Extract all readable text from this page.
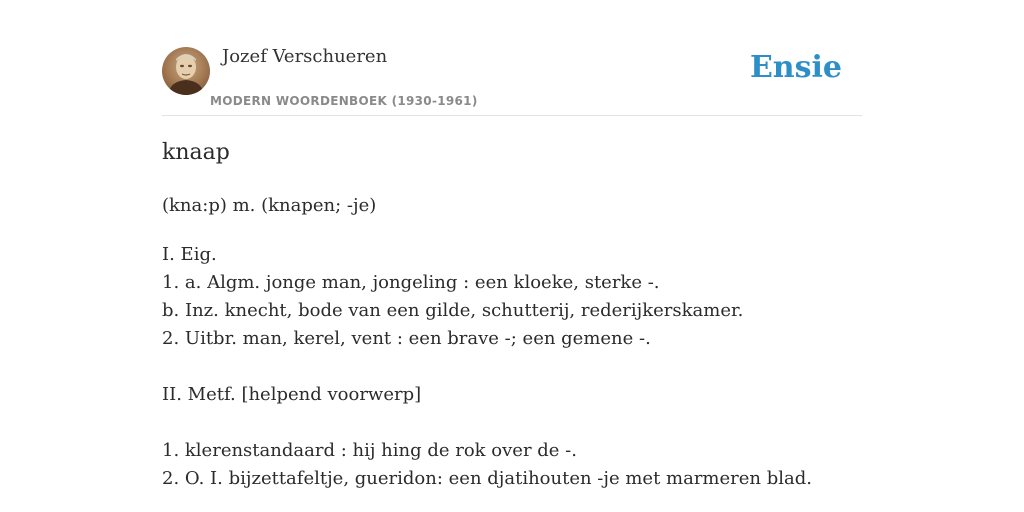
Jozef Verschueren
MODERN WOORDENBOEK (1930-1961)
Ensie
knaap
(kna:p) m. (knapen; -je)
I. Eig.
1. a. Algm. jonge man, jongeling : een kloeke, sterke -.
b. Inz. knecht, bode van een gilde, schutterij, rederijkerskamer.
2. Uitbr. man, kerel, vent : een brave -; een gemene -.
II. Metf. [helpend voorwerp]
1. klerenstandaard : hij hing de rok over de -.
2. O. I. bijzettafeltje, gueridon: een djatihouten -je met marmeren blad.
